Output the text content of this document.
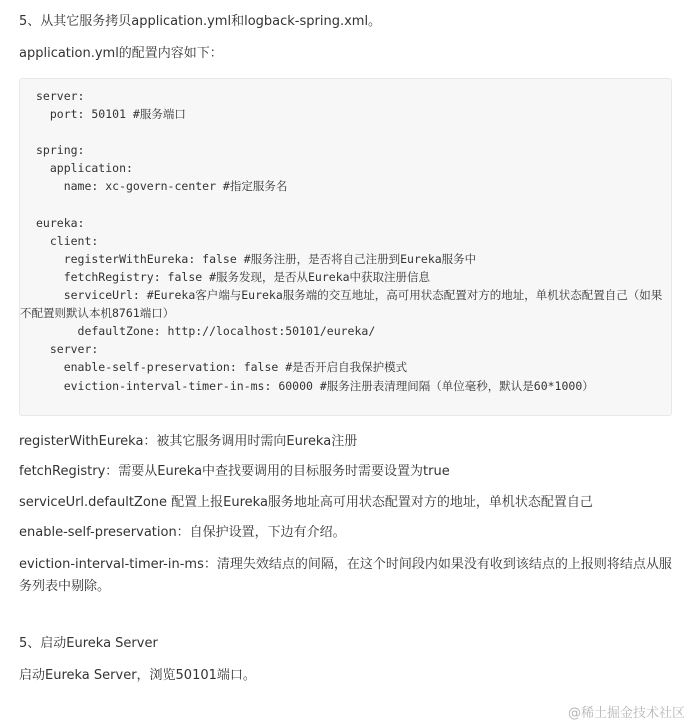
5、从其它服务拷贝application.yml和logback-spring.xml。

application.yml的配置内容如下：

server:
port: 50101 #服务端口
spring:
application:
name: xc-govern-center #指定服务名
eureka:
client:
registerWithEureka: false #服务注册，是否将自己注册到Eureka服务中
fetchRegistry: false #服务发现，是否从Eureka中获取注册信息
serviceUrl: #Eureka客户端与Eureka服务端的交互地址，高可用状态配置对方的地址，单机状态配置自己（如果
不配置则默认本机8761端口）
defaultZone: http://localhost:50101/eureka/
server:
enable-self-preservation: false #是否开启自我保护模式
eviction-interval-timer-in-ms: 60000 #服务注册表清理间隔（单位毫秒，默认是60*1000）

registerWithEureka：被其它服务调用时需向Eureka注册

fetchRegistry：需要从Eureka中查找要调用的目标服务时需要设置为true

serviceUrl.defaultZone 配置上报Eureka服务地址高可用状态配置对方的地址，单机状态配置自己

enable-self-preservation：自保护设置，下边有介绍。

eviction-interval-timer-in-ms：清理失效结点的间隔，在这个时间段内如果没有收到该结点的上报则将结点从服务列表中剔除。

5、启动Eureka Server

启动Eureka Server，浏览50101端口。

@稀土掘金技术社区
